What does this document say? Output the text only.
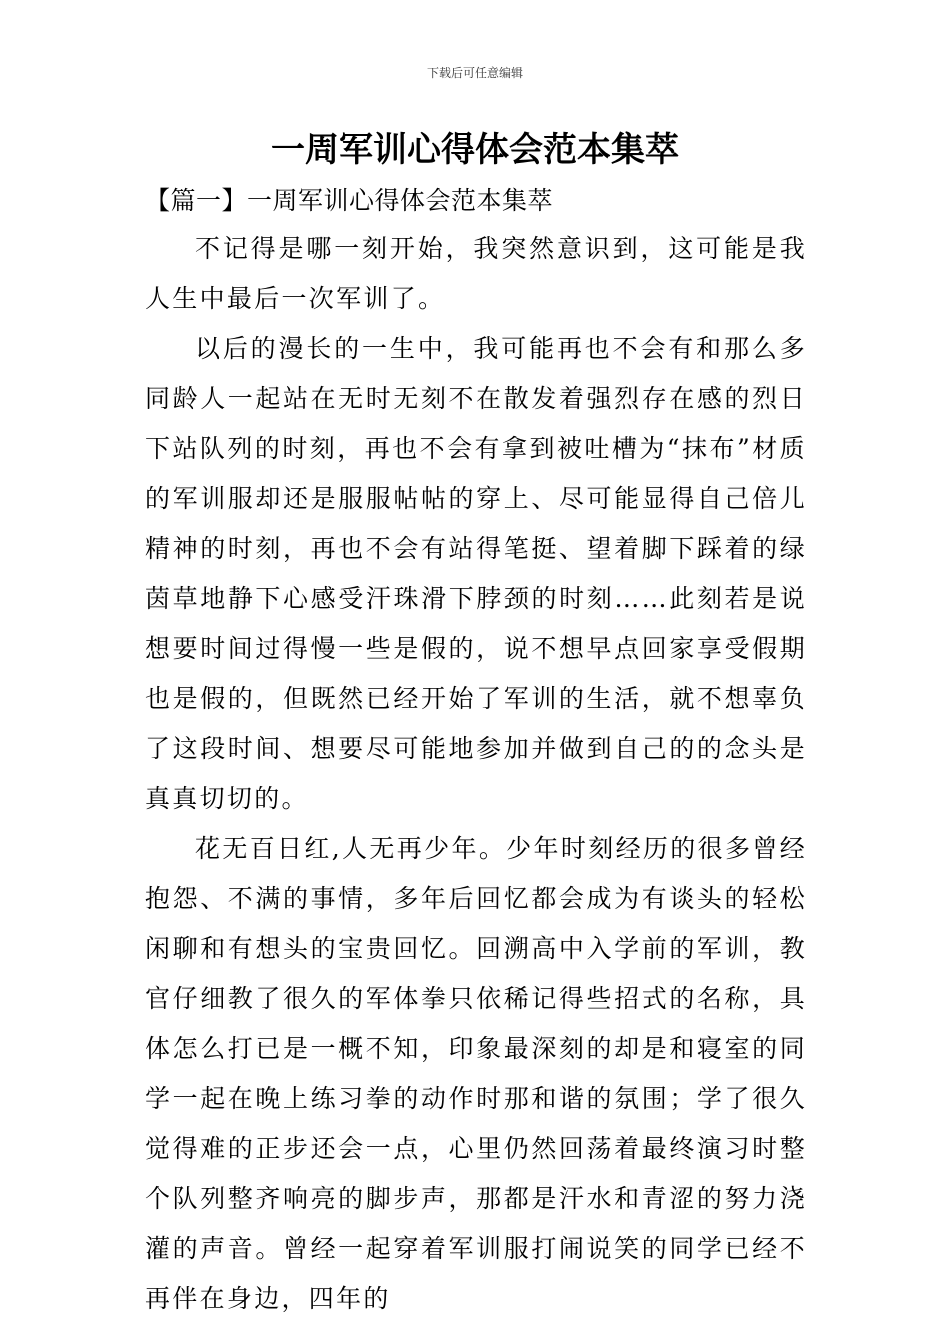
下载后可任意编辑
一周军训心得体会范本集萃
【篇一】一周军训心得体会范本集萃

不记得是哪一刻开始，我突然意识到，这可能是我人生中最后一次军训了。

以后的漫长的一生中，我可能再也不会有和那么多同龄人一起站在无时无刻不在散发着强烈存在感的烈日下站队列的时刻，再也不会有拿到被吐槽为“抹布”材质的军训服却还是服服帖帖的穿上、尽可能显得自己倍儿精神的时刻，再也不会有站得笔挺、望着脚下踩着的绿茵草地静下心感受汗珠滑下脖颈的时刻……此刻若是说想要时间过得慢一些是假的，说不想早点回家享受假期也是假的，但既然已经开始了军训的生活，就不想辜负了这段时间、想要尽可能地参加并做到自己的的念头是真真切切的。

花无百日红,人无再少年。少年时刻经历的很多曾经抱怨、不满的事情，多年后回忆都会成为有谈头的轻松闲聊和有想头的宝贵回忆。回溯高中入学前的军训，教官仔细教了很久的军体拳只依稀记得些招式的名称，具体怎么打已是一概不知，印象最深刻的却是和寝室的同学一起在晚上练习拳的动作时那和谐的氛围；学了很久觉得难的正步还会一点，心里仍然回荡着最终演习时整个队列整齐响亮的脚步声，那都是汗水和青涩的努力浇灌的声音。曾经一起穿着军训服打闹说笑的同学已经不再伴在身边，四年的
